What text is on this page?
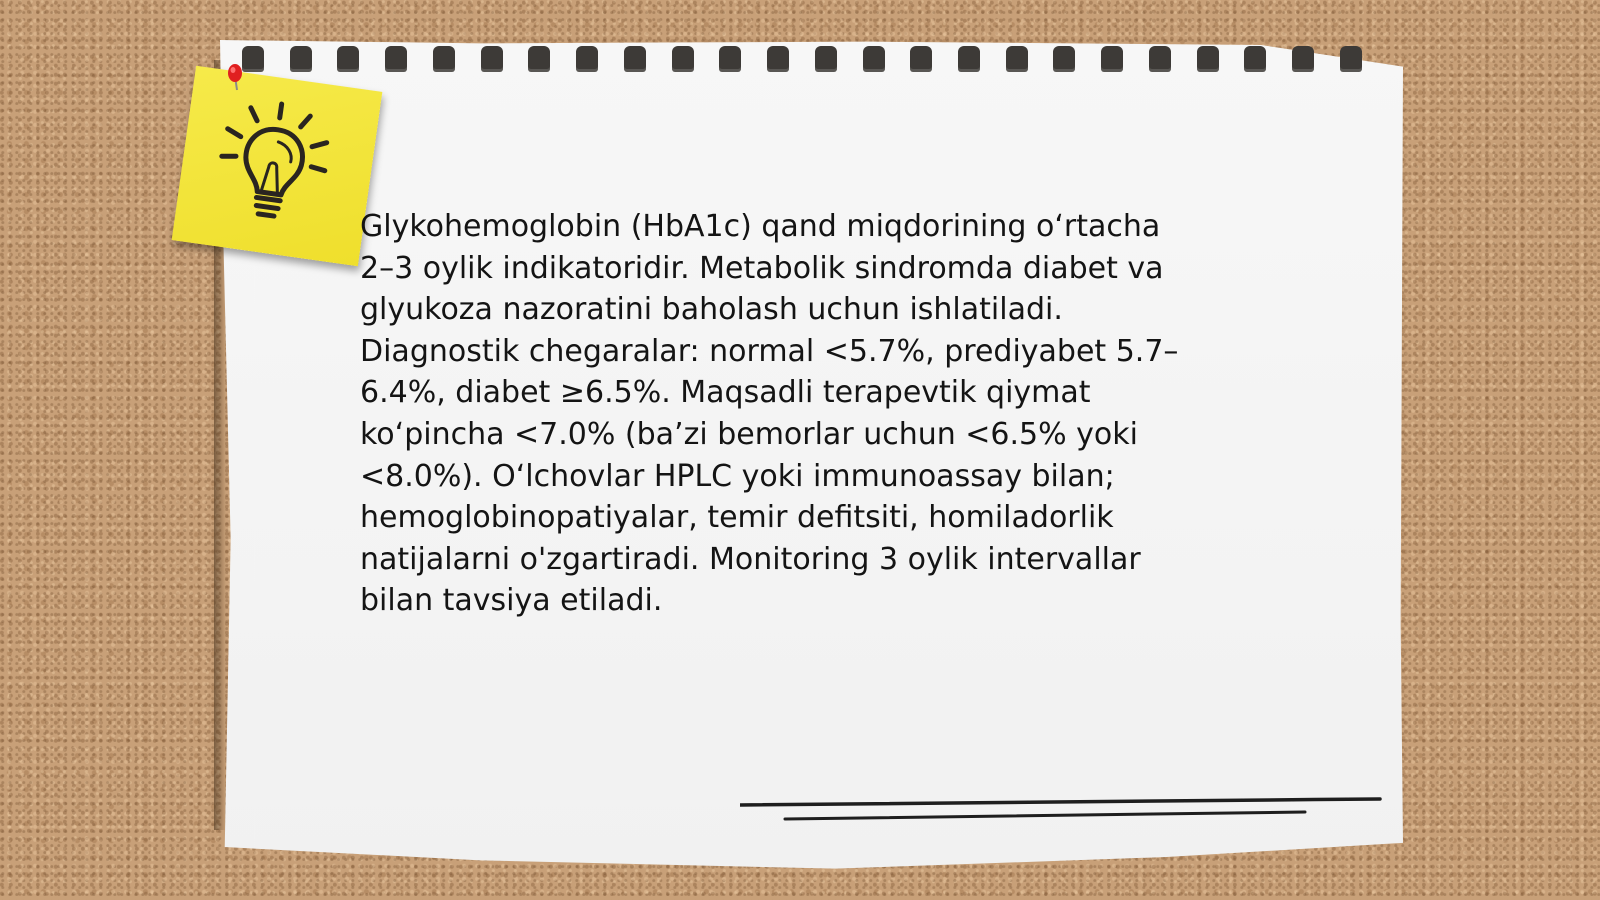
Glykohemoglobin (HbA1c) qand miqdorining o‘rtacha
2–3 oylik indikatoridir. Metabolik sindromda diabet va
glyukoza nazoratini baholash uchun ishlatiladi.
Diagnostik chegaralar: normal <5.7%, prediyabet 5.7–
6.4%, diabet ≥6.5%. Maqsadli terapevtik qiymat
ko‘pincha <7.0% (ba’zi bemorlar uchun <6.5% yoki
<8.0%). O‘lchovlar HPLC yoki immunoassay bilan;
hemoglobinopatiyalar, temir defitsiti, homiladorlik
natijalarni o'zgartiradi. Monitoring 3 oylik intervallar
bilan tavsiya etiladi.
